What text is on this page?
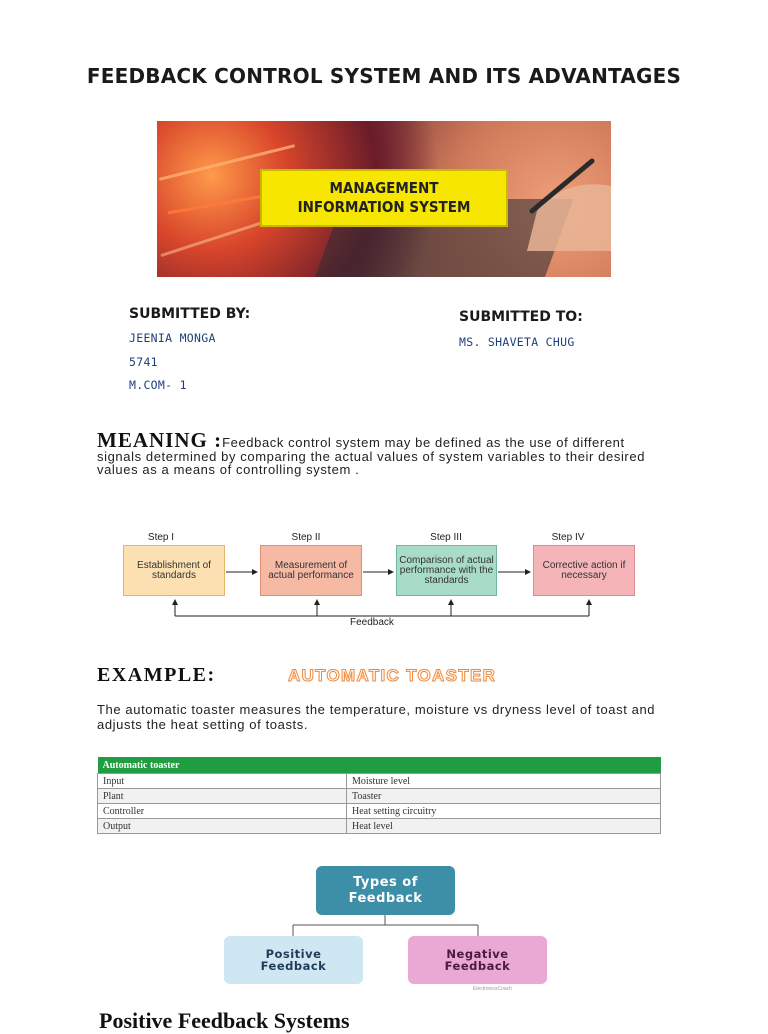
FEEDBACK CONTROL SYSTEM AND ITS ADVANTAGES
MANAGEMENT
INFORMATION SYSTEM
SUBMITTED BY:
JEENIA MONGA
5741
M.COM- 1
SUBMITTED TO:
MS. SHAVETA CHUG
MEANING :Feedback control system may be defined as the use of different signals determined by comparing the actual values of system variables to their desired values as a means of controlling system .
Step I	Step II	Step III	Step IV
Establishment of standards
Measurement of actual performance
Comparison of actual performance with the standards
Corrective action if necessary
Feedback
EXAMPLE:	AUTOMATIC TOASTER
The automatic toaster measures the temperature, moisture vs dryness level of toast and adjusts the heat setting of toasts.
Automatic toaster	
Input	Moisture level
Plant	Toaster
Controller	Heat setting circuitry
Output	Heat level
Types of Feedback
Positive Feedback
Negative Feedback
ElectronicsCoach
Positive Feedback Systems
